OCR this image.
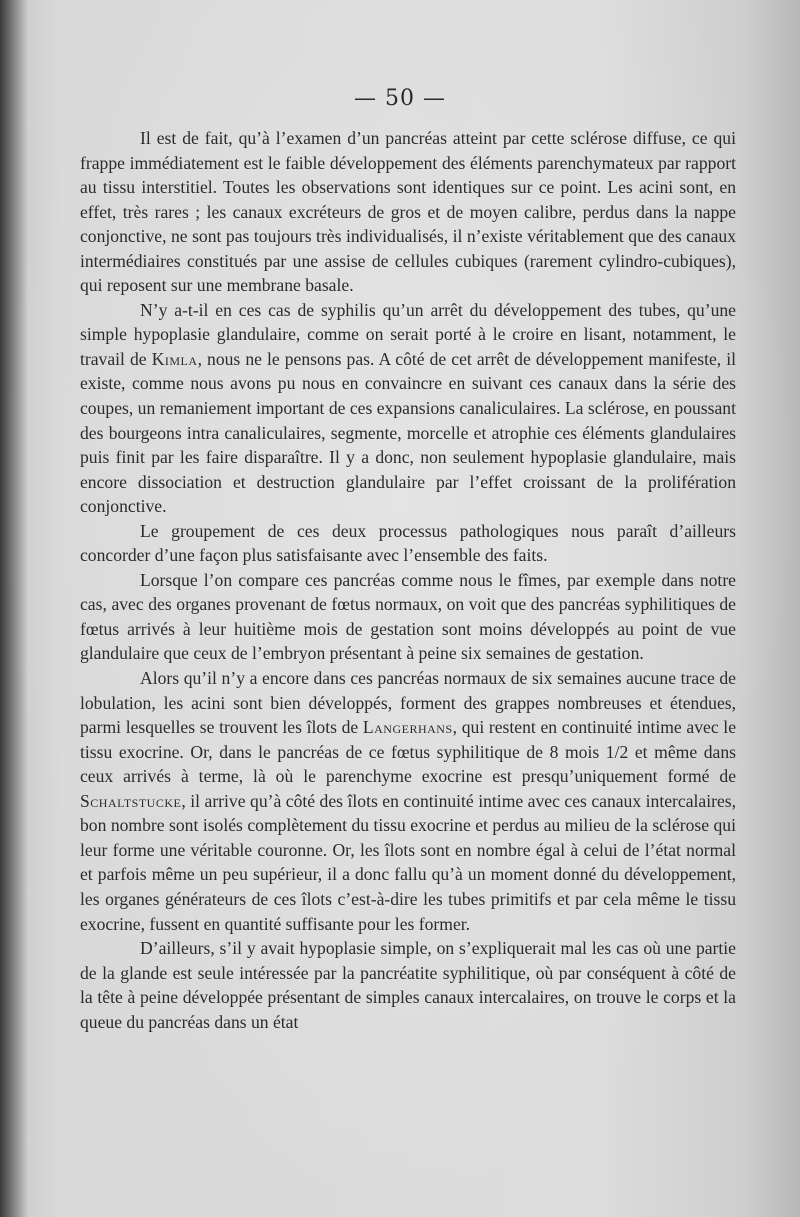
— 50 —

Il est de fait, qu’à l’examen d’un pancréas atteint par cette sclérose diffuse, ce qui frappe immédiatement est le faible développement des éléments parenchymateux par rapport au tissu interstitiel. Toutes les observations sont identiques sur ce point. Les acini sont, en effet, très rares ; les canaux excréteurs de gros et de moyen calibre, perdus dans la nappe conjonctive, ne sont pas toujours très individualisés, il n’existe véritablement que des canaux intermédiaires constitués par une assise de cellules cubiques (rarement cylindro-cubiques), qui reposent sur une membrane basale.

N’y a-t-il en ces cas de syphilis qu’un arrêt du développement des tubes, qu’une simple hypoplasie glandulaire, comme on serait porté à le croire en lisant, notamment, le travail de Kimla, nous ne le pensons pas. A côté de cet arrêt de développement manifeste, il existe, comme nous avons pu nous en convaincre en suivant ces canaux dans la série des coupes, un remaniement important de ces expansions canaliculaires. La sclérose, en poussant des bourgeons intra canaliculaires, segmente, morcelle et atrophie ces éléments glandulaires puis finit par les faire disparaître. Il y a donc, non seulement hypoplasie glandulaire, mais encore dissociation et destruction glandulaire par l’effet croissant de la prolifération conjonctive.

Le groupement de ces deux processus pathologiques nous paraît d’ailleurs concorder d’une façon plus satisfaisante avec l’ensemble des faits.

Lorsque l’on compare ces pancréas comme nous le fîmes, par exemple dans notre cas, avec des organes provenant de fœtus normaux, on voit que des pancréas syphilitiques de fœtus arrivés à leur huitième mois de gestation sont moins développés au point de vue glandulaire que ceux de l’embryon présentant à peine six semaines de gestation.

Alors qu’il n’y a encore dans ces pancréas normaux de six semaines aucune trace de lobulation, les acini sont bien développés, forment des grappes nombreuses et étendues, parmi lesquelles se trouvent les îlots de Langerhans, qui restent en continuité intime avec le tissu exocrine. Or, dans le pancréas de ce fœtus syphilitique de 8 mois 1/2 et même dans ceux arrivés à terme, là où le parenchyme exocrine est presqu’uniquement formé de Schaltstucke, il arrive qu’à côté des îlots en continuité intime avec ces canaux intercalaires, bon nombre sont isolés complètement du tissu exocrine et perdus au milieu de la sclérose qui leur forme une véritable couronne. Or, les îlots sont en nombre égal à celui de l’état normal et parfois même un peu supérieur, il a donc fallu qu’à un moment donné du développement, les organes générateurs de ces îlots c’est-à-dire les tubes primitifs et par cela même le tissu exocrine, fussent en quantité suffisante pour les former.

D’ailleurs, s’il y avait hypoplasie simple, on s’expliquerait mal les cas où une partie de la glande est seule intéressée par la pancréatite syphilitique, où par conséquent à côté de la tête à peine développée présentant de simples canaux intercalaires, on trouve le corps et la queue du pancréas dans un état
